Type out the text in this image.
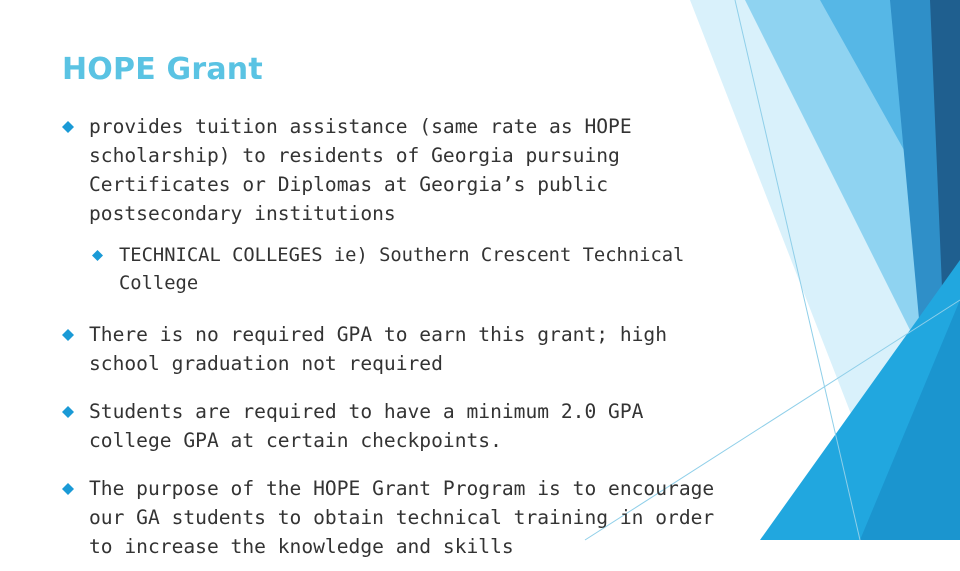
HOPE Grant
provides tuition assistance (same rate as HOPE scholarship) to residents of Georgia pursuing Certificates or Diplomas at Georgia’s public postsecondary institutions
TECHNICAL COLLEGES ie) Southern Crescent Technical College
There is no required GPA to earn this grant; high school graduation not required
Students are required to have a minimum 2.0 GPA college GPA at certain checkpoints.
The purpose of the HOPE Grant Program is to encourage our GA students to obtain technical training in order to increase the knowledge and skills
